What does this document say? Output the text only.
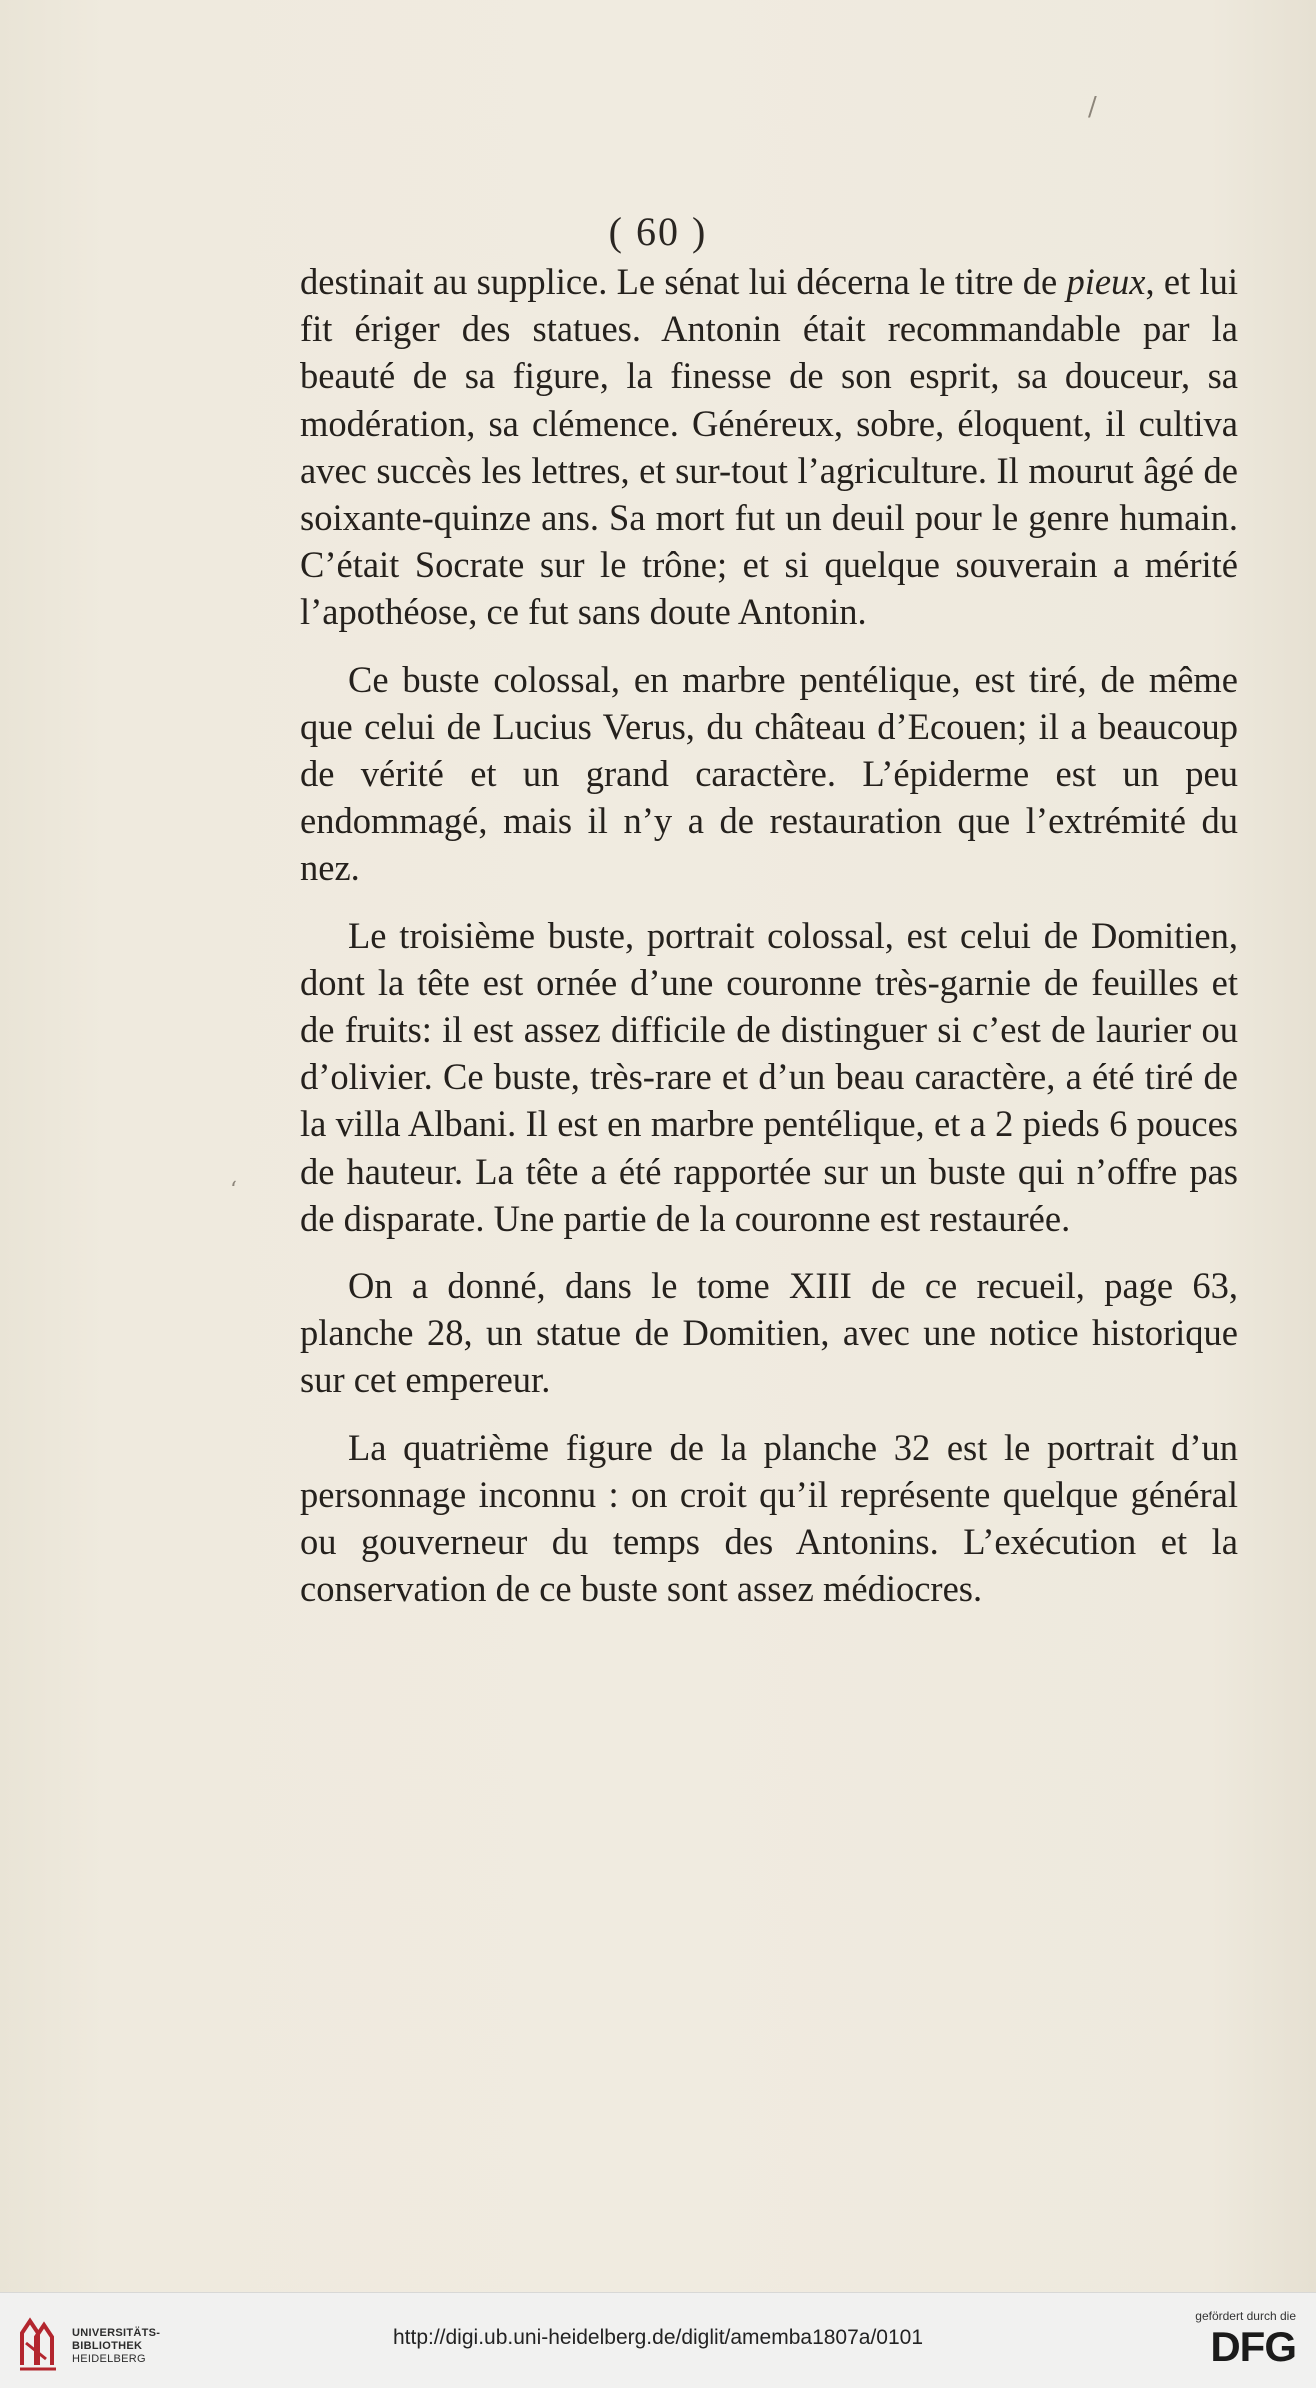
( 60 )
/
‘

destinait au supplice. Le sénat lui décerna le titre de pieux, et lui fit ériger des statues. Antonin était recommandable par la beauté de sa figure, la finesse de son esprit, sa douceur, sa modération, sa clémence. Généreux, sobre, éloquent, il cultiva avec succès les lettres, et sur-tout l’agriculture. Il mourut âgé de soixante-quinze ans. Sa mort fut un deuil pour le genre humain. C’était Socrate sur le trône; et si quelque souverain a mérité l’apothéose, ce fut sans doute Antonin.

Ce buste colossal, en marbre pentélique, est tiré, de même que celui de Lucius Verus, du château d’Ecouen; il a beaucoup de vérité et un grand caractère. L’épiderme est un peu endommagé, mais il n’y a de restauration que l’extrémité du nez.

Le troisième buste, portrait colossal, est celui de Domitien, dont la tête est ornée d’une couronne très-garnie de feuilles et de fruits: il est assez difficile de distinguer si c’est de laurier ou d’olivier. Ce buste, très-rare et d’un beau caractère, a été tiré de la villa Albani. Il est en marbre pentélique, et a 2 pieds 6 pouces de hauteur. La tête a été rapportée sur un buste qui n’offre pas de disparate. Une partie de la couronne est restaurée.

On a donné, dans le tome XIII de ce recueil, page 63, planche 28, un statue de Domitien, avec une notice historique sur cet empereur.

La quatrième figure de la planche 32 est le portrait d’un personnage inconnu : on croit qu’il représente quelque général ou gouverneur du temps des Antonins. L’exécution et la conservation de ce buste sont assez médiocres.

UNIVERSITÄTS-
BIBLIOTHEK
HEIDELBERG
http://digi.ub.uni-heidelberg.de/diglit/amemba1807a/0101
gefördert durch die
DFG
